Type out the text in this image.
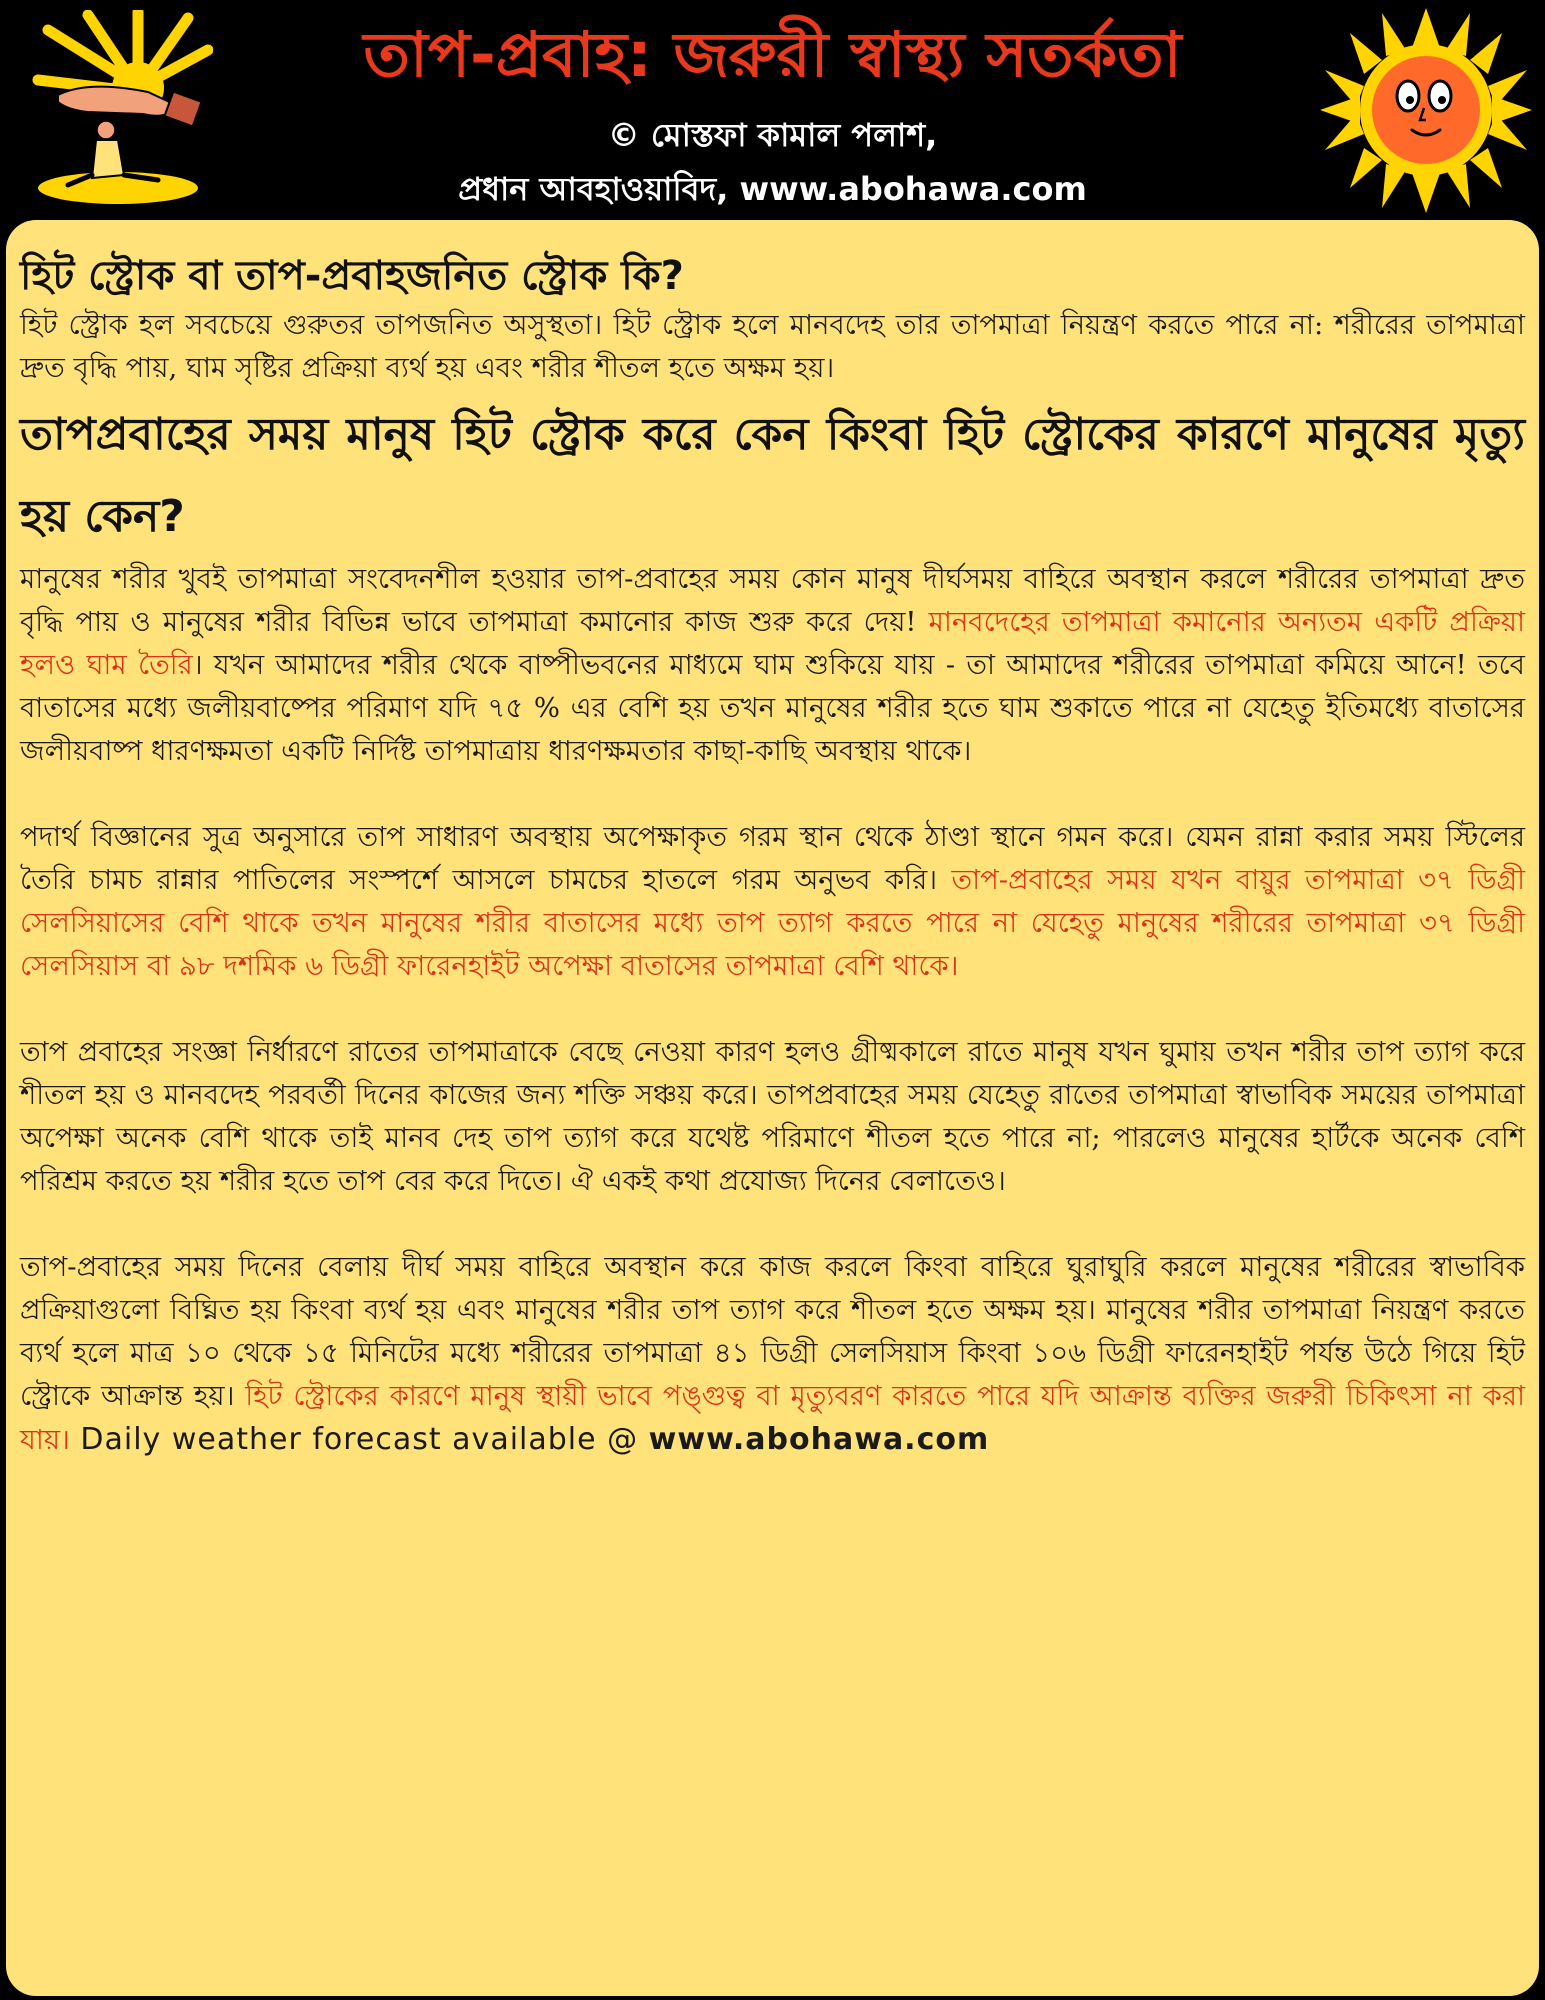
তাপ-প্রবাহ: জরুরী স্বাস্থ্য সতর্কতা
© মোস্তফা কামাল পলাশ,
প্রধান আবহাওয়াবিদ, www.abohawa.com
হিট স্ট্রোক বা তাপ-প্রবাহজনিত স্ট্রোক কি?

হিট স্ট্রোক হল সবচেয়ে গুরুতর তাপজনিত অসুস্থতা। হিট স্ট্রোক হলে মানবদেহ তার তাপমাত্রা নিয়ন্ত্রণ করতে পারে না: শরীরের তাপমাত্রা দ্রুত বৃদ্ধি পায়, ঘাম সৃষ্টির প্রক্রিয়া ব্যর্থ হয় এবং শরীর শীতল হতে অক্ষম হয়।

তাপপ্রবাহের সময় মানুষ হিট স্ট্রোক করে কেন কিংবা হিট স্ট্রোকের কারণে মানুষের মৃত্যু হয় কেন?

মানুষের শরীর খুবই তাপমাত্রা সংবেদনশীল হওয়ার তাপ-প্রবাহের সময় কোন মানুষ দীর্ঘসময় বাহিরে অবস্থান করলে শরীরের তাপমাত্রা দ্রুত বৃদ্ধি পায় ও মানুষের শরীর বিভিন্ন ভাবে তাপমাত্রা কমানোর কাজ শুরু করে দেয়! মানবদেহের তাপমাত্রা কমানোর অন্যতম একটি প্রক্রিয়া হলও ঘাম তৈরি। যখন আমাদের শরীর থেকে বাষ্পীভবনের মাধ্যমে ঘাম শুকিয়ে যায় - তা আমাদের শরীরের তাপমাত্রা কমিয়ে আনে! তবে বাতাসের মধ্যে জলীয়বাষ্পের পরিমাণ যদি ৭৫ % এর বেশি হয় তখন মানুষের শরীর হতে ঘাম শুকাতে পারে না যেহেতু ইতিমধ্যে বাতাসের জলীয়বাষ্প ধারণক্ষমতা একটি নির্দিষ্ট তাপমাত্রায় ধারণক্ষমতার কাছা-কাছি অবস্থায় থাকে।

পদার্থ বিজ্ঞানের সুত্র অনুসারে তাপ সাধারণ অবস্থায় অপেক্ষাকৃত গরম স্থান থেকে ঠাণ্ডা স্থানে গমন করে। যেমন রান্না করার সময় স্টিলের তৈরি চামচ রান্নার পাতিলের সংস্পর্শে আসলে চামচের হাতলে গরম অনুভব করি। তাপ-প্রবাহের সময় যখন বায়ুর তাপমাত্রা ৩৭ ডিগ্রী সেলসিয়াসের বেশি থাকে তখন মানুষের শরীর বাতাসের মধ্যে তাপ ত্যাগ করতে পারে না যেহেতু মানুষের শরীরের তাপমাত্রা ৩৭ ডিগ্রী সেলসিয়াস বা ৯৮ দশমিক ৬ ডিগ্রী ফারেনহাইট অপেক্ষা বাতাসের তাপমাত্রা বেশি থাকে।

তাপ প্রবাহের সংজ্ঞা নির্ধারণে রাতের তাপমাত্রাকে বেছে নেওয়া কারণ হলও গ্রীষ্মকালে রাতে মানুষ যখন ঘুমায় তখন শরীর তাপ ত্যাগ করে শীতল হয় ও মানবদেহ পরবর্তী দিনের কাজের জন্য শক্তি সঞ্চয় করে। তাপপ্রবাহের সময় যেহেতু রাতের তাপমাত্রা স্বাভাবিক সময়ের তাপমাত্রা অপেক্ষা অনেক বেশি থাকে তাই মানব দেহ তাপ ত্যাগ করে যথেষ্ট পরিমাণে শীতল হতে পারে না; পারলেও মানুষের হার্টকে অনেক বেশি পরিশ্রম করতে হয় শরীর হতে তাপ বের করে দিতে। ঐ একই কথা প্রযোজ্য দিনের বেলাতেও।

তাপ-প্রবাহের সময় দিনের বেলায় দীর্ঘ সময় বাহিরে অবস্থান করে কাজ করলে কিংবা বাহিরে ঘুরাঘুরি করলে মানুষের শরীরের স্বাভাবিক প্রক্রিয়াগুলো বিঘ্নিত হয় কিংবা ব্যর্থ হয় এবং মানুষের শরীর তাপ ত্যাগ করে শীতল হতে অক্ষম হয়। মানুষের শরীর তাপমাত্রা নিয়ন্ত্রণ করতে ব্যর্থ হলে মাত্র ১০ থেকে ১৫ মিনিটের মধ্যে শরীরের তাপমাত্রা ৪১ ডিগ্রী সেলসিয়াস কিংবা ১০৬ ডিগ্রী ফারেনহাইট পর্যন্ত উঠে গিয়ে হিট স্ট্রোকে আক্রান্ত হয়। হিট স্ট্রোকের কারণে মানুষ স্থায়ী ভাবে পঙ্গুত্ব বা মৃত্যুবরণ কারতে পারে যদি আক্রান্ত ব্যক্তির জরুরী চিকিৎসা না করা যায়। Daily weather forecast available @ www.abohawa.com
